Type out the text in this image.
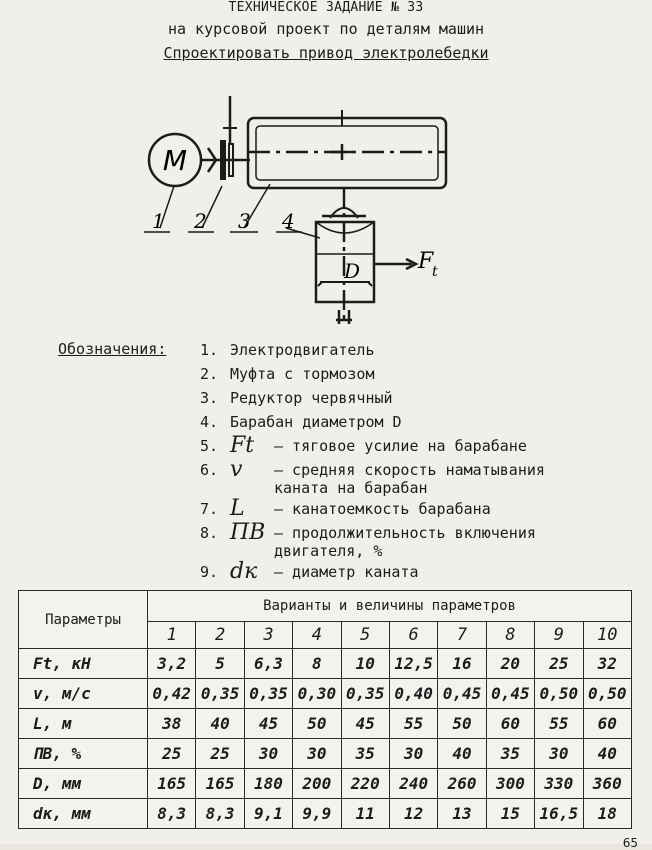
ТЕХНИЧЕСКОЕ ЗАДАНИЕ № 33
на курсовой проект по деталям машин
Спроектировать привод электролебедки
M
D	F
t
1 2 3 4
Обозначения: 1. Электродвигатель
2. Муфта с тормозом
3. Редуктор червячный
4. Барабан диаметром D
5. Ft	– тяговое усилие на барабане
6. v	– средняя скорость наматывания
каната на барабан
7. L	– канатоемкость барабана
8. ПВ – продолжительность включения
двигателя, %
9. dк	– диаметр каната
Параметры	Варианты и величины параметров									
	1	2	3	4	5	6	7	8	9	10
Ft, кН	3,2	5	6,3	8	10	12,5	16	20	25	32
v, м/с	0,42	0,35	0,35	0,30	0,35	0,40	0,45	0,45	0,50	0,50
L, м	38	40	45	50	45	55	50	60	55	60
ПВ, %	25	25	30	30	35	30	40	35	30	40
D, мм	165	165	180	200	220	240	260	300	330	360
dк, мм	8,3	8,3	9,1	9,9	11	12	13	15	16,5	18
65
